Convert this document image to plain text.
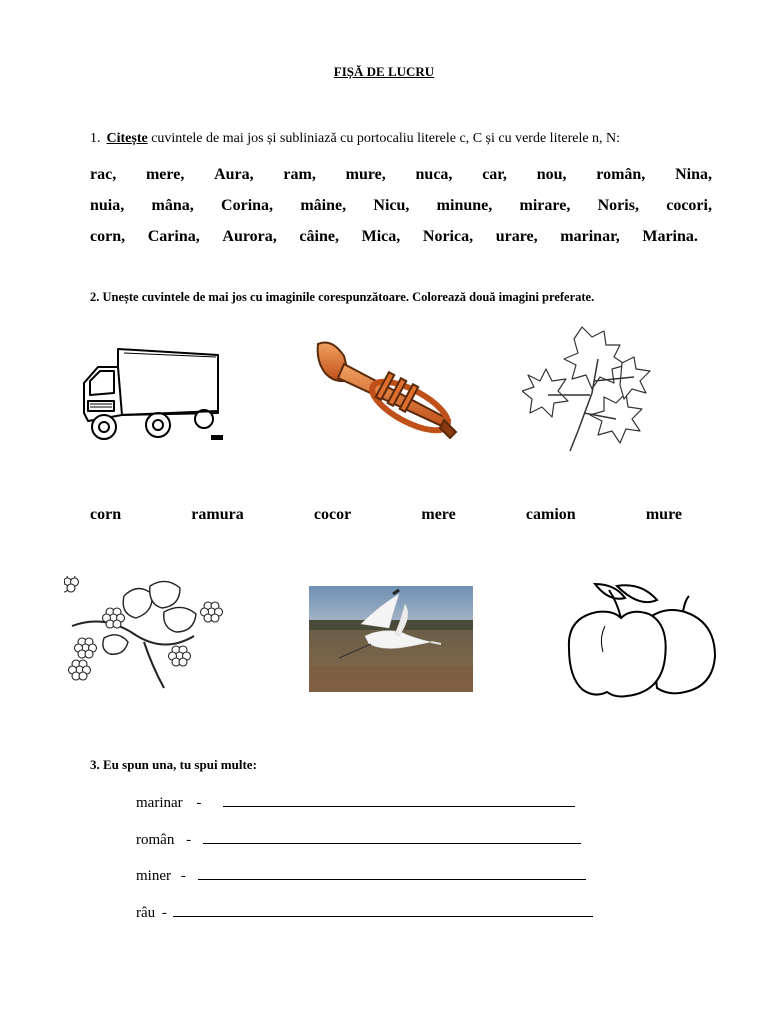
FIȘĂ DE LUCRU
1. Citește cuvintele de mai jos și subliniază cu portocaliu literele c, C și cu verde literele n, N:
rac, mere, Aura, ram, mure, nuca, car, nou, român, Nina,
nuia, mâna, Corina, mâine, Nicu, minune, mirare, Noris, cocori,
corn, Carina, Aurora, câine, Mica, Norica, urare, marinar, Marina.
2. Unește cuvintele de mai jos cu imaginile corespunzătoare. Colorează două imagini preferate.
corn	ramura	cocor	mere	camion	mure
3. Eu spun una, tu spui multe:
marinar -
român -
miner -
râu -
